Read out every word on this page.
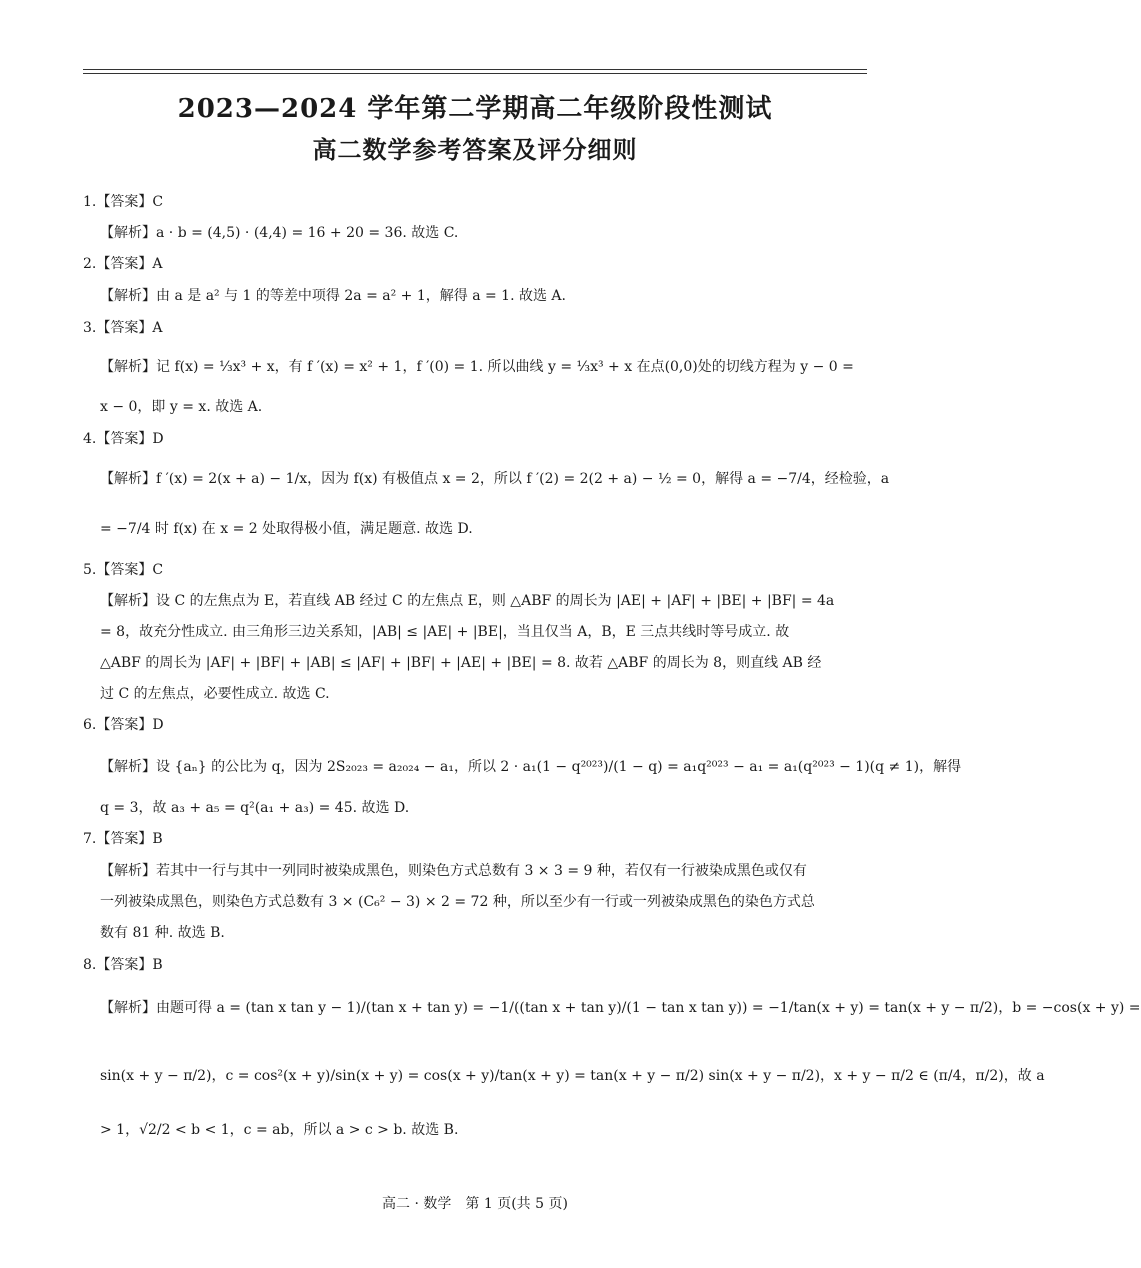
2023—2024 学年第二学期高二年级阶段性测试
高二数学参考答案及评分细则
1.【答案】C
【解析】a · b = (4,5) · (4,4) = 16 + 20 = 36. 故选 C.
2.【答案】A
【解析】由 a 是 a² 与 1 的等差中项得 2a = a² + 1，解得 a = 1. 故选 A.
3.【答案】A
【解析】记 f(x) = ⅓x³ + x，有 f ′(x) = x² + 1，f ′(0) = 1. 所以曲线 y = ⅓x³ + x 在点(0,0)处的切线方程为 y − 0 =
x − 0，即 y = x. 故选 A.
4.【答案】D
【解析】f ′(x) = 2(x + a) − 1/x，因为 f(x) 有极值点 x = 2，所以 f ′(2) = 2(2 + a) − ½ = 0，解得 a = −7/4，经检验，a
= −7/4 时 f(x) 在 x = 2 处取得极小值，满足题意. 故选 D.
5.【答案】C
【解析】设 C 的左焦点为 E，若直线 AB 经过 C 的左焦点 E，则 △ABF 的周长为 |AE| + |AF| + |BE| + |BF| = 4a
= 8，故充分性成立. 由三角形三边关系知，|AB| ≤ |AE| + |BE|，当且仅当 A，B，E 三点共线时等号成立. 故
△ABF 的周长为 |AF| + |BF| + |AB| ≤ |AF| + |BF| + |AE| + |BE| = 8. 故若 △ABF 的周长为 8，则直线 AB 经
过 C 的左焦点，必要性成立. 故选 C.
6.【答案】D
【解析】设 {aₙ} 的公比为 q，因为 2S₂₀₂₃ = a₂₀₂₄ − a₁，所以 2 · a₁(1 − q²⁰²³)/(1 − q) = a₁q²⁰²³ − a₁ = a₁(q²⁰²³ − 1)(q ≠ 1)，解得
q = 3，故 a₃ + a₅ = q²(a₁ + a₃) = 45. 故选 D.
7.【答案】B
【解析】若其中一行与其中一列同时被染成黑色，则染色方式总数有 3 × 3 = 9 种，若仅有一行被染成黑色或仅有
一列被染成黑色，则染色方式总数有 3 × (C₆² − 3) × 2 = 72 种，所以至少有一行或一列被染成黑色的染色方式总
数有 81 种. 故选 B.
8.【答案】B
【解析】由题可得 a = (tan x tan y − 1)/(tan x + tan y) = −1/((tan x + tan y)/(1 − tan x tan y)) = −1/tan(x + y) = tan(x + y − π/2)，b = −cos(x + y) =
sin(x + y − π/2)，c = cos²(x + y)/sin(x + y) = cos(x + y)/tan(x + y) = tan(x + y − π/2) sin(x + y − π/2)，x + y − π/2 ∈ (π/4，π/2)，故 a
> 1，√2/2 < b < 1，c = ab，所以 a > c > b. 故选 B.
高二 · 数学　第 1 页(共 5 页)
